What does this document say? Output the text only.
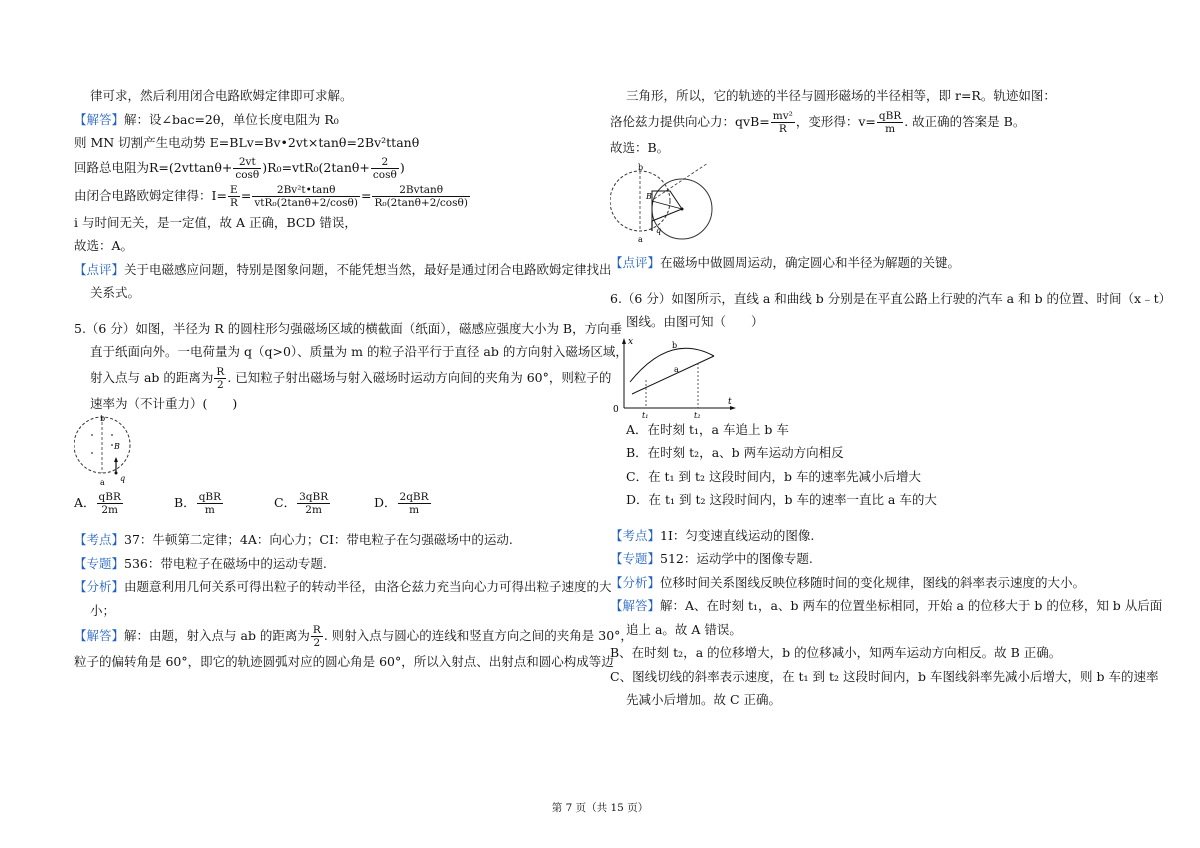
律可求，然后利用闭合电路欧姆定律即可求解。

【解答】解：设∠bac=2θ，单位长度电阻为 R₀

则 MN 切割产生电动势 E=BLv=Bv•2vt×tanθ=2Bv²ttanθ

回路总电阻为$R=(2vttan\theta+ \frac{2vt}{\cos\theta} )R_0=vtR_0(2\tan\theta+ \frac{2}{\cos\theta}$ )

由闭合电路欧姆定律得：$I= \frac{E}{R} = \frac{\text{2Bv²t•tanθ}}{\text{vtR₀(2tanθ+2/cosθ)}} = \frac{2Bvtan\theta}{\text{R₀(2tanθ+2/cosθ)}}$

i 与时间无关，是一定值，故 A 正确，BCD 错误，

故选：A。

【点评】关于电磁感应问题，特别是图象问题，不能凭想当然，最好是通过闭合电路欧姆定律找出

关系式。

5.（6 分）如图，半径为 R 的圆柱形匀强磁场区域的横截面（纸面），磁感应强度大小为 B，方向垂

直于纸面向外。一电荷量为 q（q>0）、质量为 m 的粒子沿平行于直径 ab 的方向射入磁场区域，

射入点与 ab 的距离为 $\frac{R}{2}$ . 已知粒子射出磁场与射入磁场时运动方向间的夹角为 60°，则粒子的

速率为（不计重力）(　　)

b
a
B
q
A． $\frac{\text{qBR}}{2m}$	B． $\frac{\text{qBR}}{m}$	C． $\frac{\text{3qBR}}{2m}$	D． $\frac{\text{2qBR}}{m}$

【考点】37：牛顿第二定律；4A：向心力；CI：带电粒子在匀强磁场中的运动.

【专题】536：带电粒子在磁场中的运动专题.

【分析】由题意利用几何关系可得出粒子的转动半径，由洛仑兹力充当向心力可得出粒子速度的大

小；

【解答】解：由题，射入点与 ab 的距离为 $\frac{R}{2}$ . 则射入点与圆心的连线和竖直方向之间的夹角是 30°，

粒子的偏转角是 60°，即它的轨迹圆弧对应的圆心角是 60°，所以入射点、出射点和圆心构成等边

三角形，所以，它的轨迹的半径与圆形磁场的半径相等，即 r=R。轨迹如图：

洛伦兹力提供向心力：$qvB= \frac{\text{mv²}}{R}$ ，变形得：$v= \frac{\text{qBR}}{m}$ . 故正确的答案是 B。

故选：B。

b
a
B
q

【点评】在磁场中做圆周运动，确定圆心和半径为解题的关键。

6.（6 分）如图所示，直线 a 和曲线 b 分别是在平直公路上行驶的汽车 a 和 b 的位置、时间（x﹣t）

图线。由图可知（　　）

x
t
0
a
b
t₁	t₂

A．在时刻 t₁，a 车追上 b 车

B．在时刻 t₂，a、b 两车运动方向相反

C．在 t₁ 到 t₂ 这段时间内，b 车的速率先减小后增大

D．在 t₁ 到 t₂ 这段时间内，b 车的速率一直比 a 车的大

【考点】1I：匀变速直线运动的图像.

【专题】512：运动学中的图像专题.

【分析】位移时间关系图线反映位移随时间的变化规律，图线的斜率表示速度的大小。

【解答】解：A、在时刻 t₁，a、b 两车的位置坐标相同，开始 a 的位移大于 b 的位移，知 b 从后面

追上 a。故 A 错误。

B、在时刻 t₂，a 的位移增大，b 的位移减小，知两车运动方向相反。故 B 正确。

C、图线切线的斜率表示速度，在 t₁ 到 t₂ 这段时间内，b 车图线斜率先减小后增大，则 b 车的速率

先减小后增加。故 C 正确。

第 7 页（共 15 页）
